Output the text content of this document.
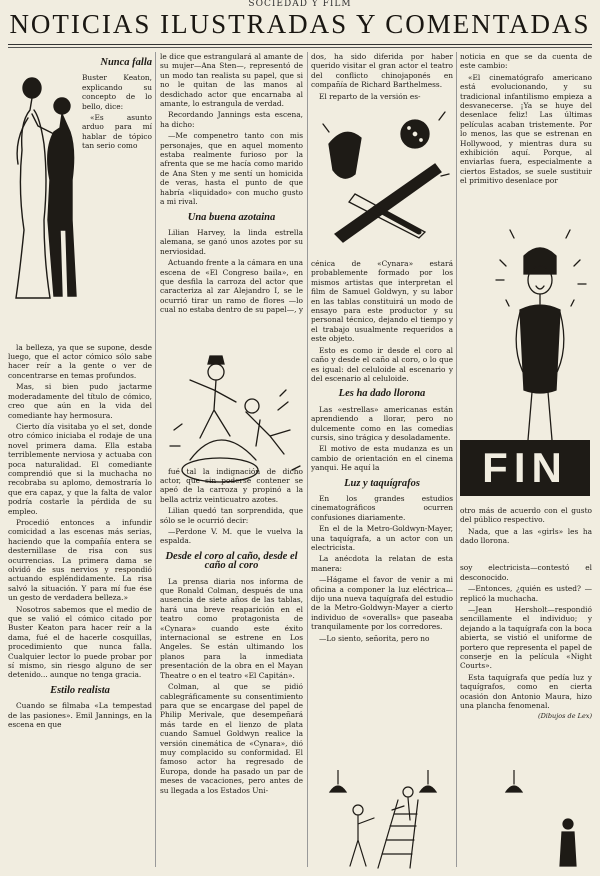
SOCIEDAD Y FILM
NOTICIAS ILUSTRADAS Y COMENTADAS
Nunca falla

Buster Keaton, explicando su concepto de lo bello, dice:

«Es asunto arduo para mí hablar de tópico tan serio como

la belleza, ya que se supone, desde luego, que el actor cómico sólo sabe hacer reír a la gente o ver de concentrarse en temas profundos.

Mas, si bien pudo jactarme moderadamente del título de cómico, creo que aún en la vida del comediante hay hermosura.

Cierto día visitaba yo el set, donde otro cómico iniciaba el rodaje de una novel primera dama. Ella estaba terriblemente nerviosa y actuaba con poca naturalidad. El comediante comprendió que si la muchacha no recobraba su aplomo, demostraría lo que era capaz, y que la falta de valor podría costarle la pérdida de su empleo.

Procedió entonces a infundir comicidad a las escenas más serias, haciendo que la compañía entera se desternillase de risa con sus ocurrencias. La primera dama se olvidó de sus nervios y respondió actuando espléndidamente. La risa salvó la situación. Y para mí fue ése un gesto de verdadera belleza.»

Nosotros sabemos que el medio de que se valió el cómico citado por Buster Keaton para hacer reír a la dama, fué el de hacerle cosquillas, procedimiento que nunca falla. Cualquier lector lo puede probar por sí mismo, sin riesgo alguno de ser detenido... aunque no tenga gracia.

Estilo realista

Cuando se filmaba «La tempestad de las pasiones». Emil Jannings, en la escena en que

le dice que estrangulará al amante de su mujer—Ana Sten—, representó de un modo tan realista su papel, que si no le quitan de las manos al desdichado actor que encarnaba al amante, lo estrangula de verdad.

Recordando Jannings esta escena, ha dicho:

—Me compenetro tanto con mis personajes, que en aquel momento estaba realmente furioso por la afrenta que se me hacía como marido de Ana Sten y me sentí un homicida de veras, hasta el punto de que habría «liquidado» con mucho gusto a mi rival.

Una buena azotaina

Lilian Harvey, la linda estrella alemana, se ganó unos azotes por su nerviosidad.

Actuando frente a la cámara en una escena de «El Congreso baila», en que desfila la carroza del actor que caracteriza al zar Alejandro I, se le ocurrió tirar un ramo de flores —lo cual no estaba dentro de su papel—, y

fué tal la indignación de dicho actor, que sin poderse contener se apeó de la carroza y propinó a la bella actriz veinticuatro azotes.

Lilian quedó tan sorprendida, que sólo se le ocurrió decir:

—Perdone V. M. que le vuelva la espalda.

Desde el coro al caño, desde el caño al coro

La prensa diaria nos informa de que Ronald Colman, después de una ausencia de siete años de las tablas, hará una breve reaparición en el teatro como protagonista de «Cynara» cuando este éxito internacional se estrene en Los Angeles. Se están ultimando los planos para la inmediata presentación de la obra en el Mayan Theatre o en el teatro «El Capitán».

Colman, al que se pidió cablegráficamente su consentimiento para que se encargase del papel de Philip Merivale, que desempeñará más tarde en el lienzo de plata cuando Samuel Goldwyn realice la versión cinemática de «Cynara», dió muy complacido su conformidad. El famoso actor ha regresado de Europa, donde ha pasado un par de meses de vacaciones, pero antes de su llegada a los Estados Uni-

dos, ha sido diferida por haber querido visitar el gran actor el teatro del conflicto chinojaponés en compañía de Richard Barthelmess.

El reparto de la versión es-

cénica de «Cynara» estará probablemente formado por los mismos artistas que interpretan el film de Samuel Goldwyn, y su labor en las tablas constituirá un modo de ensayo para este productor y su personal técnico, dejando el tiempo y el trabajo usualmente requeridos a este objeto.

Esto es como ir desde el coro al caño y desde el caño al coro, o lo que es igual: del celuloide al escenario y del escenario al celuloide.

Les ha dado llorona

Las «estrellas» americanas están aprendiendo a llorar, pero no dulcemente como en las comedias cursis, sino trágica y desoladamente.

El motivo de esta mudanza es un cambio de orientación en el cinema yanqui. He aquí la

Luz y taquígrafos

En los grandes estudios cinematográficos ocurren confusiones diariamente.

En el de la Metro-Goldwyn-Mayer, una taquígrafa, a un actor con un electricista.

La anécdota la relatan de esta manera:

—Hágame el favor de venir a mi oficina a componer la luz eléctrica—dijo una nueva taquígrafa del estudio de la Metro-Goldwyn-Mayer a cierto individuo de «overalls» que paseaba tranquilamente por los corredores.

—Lo siento, señorita, pero no

noticia en que se da cuenta de este cambio:

«El cinematógrafo americano está evolucionando, y su tradicional infantilismo empieza a desvanecerse. ¡Ya se huye del desenlace feliz! Las últimas películas acaban tristemente. Por lo menos, las que se estrenan en Hollywood, y mientras dura su exhibición aquí. Porque, al enviarlas fuera, especialmente a ciertos Estados, se suele sustituir el primitivo desenlace por

otro más de acuerdo con el gusto del público respectivo.

Nada, que a las «girls» les ha dado llorona.

soy electricista—contestó el desconocido.

—Entonces, ¿quién es usted? —replicó la muchacha.

—Jean Hersholt—respondió sencillamente el individuo; y dejando a la taquígrafa con la boca abierta, se vistió el uniforme de portero que representa el papel de conserje en la película «Night Courts».

Esta taquígrafa que pedía luz y taquígrafos, como en cierta ocasión don Antonio Maura, hizo una plancha fenomenal.

(Dibujos de Lex)
FIN
